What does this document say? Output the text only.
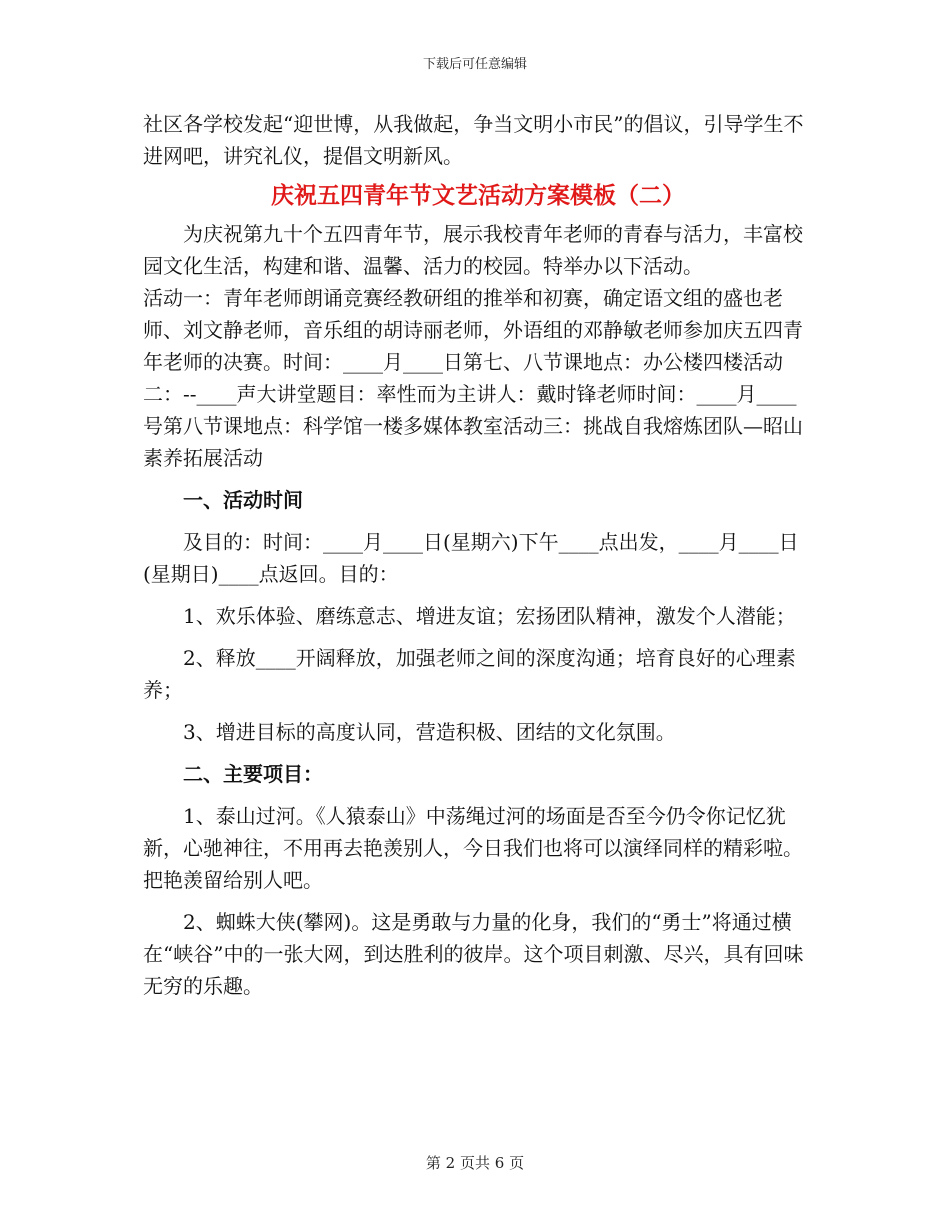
下载后可任意编辑

社区各学校发起“迎世博，从我做起，争当文明小市民”的倡议，引导学生不进网吧，讲究礼仪，提倡文明新风。

庆祝五四青年节文艺活动方案模板（二）

为庆祝第九十个五四青年节，展示我校青年老师的青春与活力，丰富校园文化生活，构建和谐、温馨、活力的校园。特举办以下活动。

活动一：青年老师朗诵竞赛经教研组的推举和初赛，确定语文组的盛也老师、刘文静老师，音乐组的胡诗丽老师，外语组的邓静敏老师参加庆五四青年老师的决赛。时间：____月____日第七、八节课地点：办公楼四楼活动二：--____声大讲堂题目：率性而为主讲人：戴时锋老师时间：____月____号第八节课地点：科学馆一楼多媒体教室活动三：挑战自我熔炼团队—昭山素养拓展活动

一、活动时间

及目的：时间：____月____日(星期六)下午____点出发，____月____日(星期日)____点返回。目的：

1、欢乐体验、磨练意志、增进友谊；宏扬团队精神，激发个人潜能；

2、释放____开阔释放，加强老师之间的深度沟通；培育良好的心理素养；

3、增进目标的高度认同，营造积极、团结的文化氛围。

二、主要项目：

1、泰山过河。《人猿泰山》中荡绳过河的场面是否至今仍令你记忆犹新，心驰神往，不用再去艳羡别人，今日我们也将可以演绎同样的精彩啦。把艳羡留给别人吧。

2、蜘蛛大侠(攀网)。这是勇敢与力量的化身，我们的“勇士”将通过横在“峡谷”中的一张大网，到达胜利的彼岸。这个项目刺激、尽兴，具有回味无穷的乐趣。

第 2 页共 6 页
